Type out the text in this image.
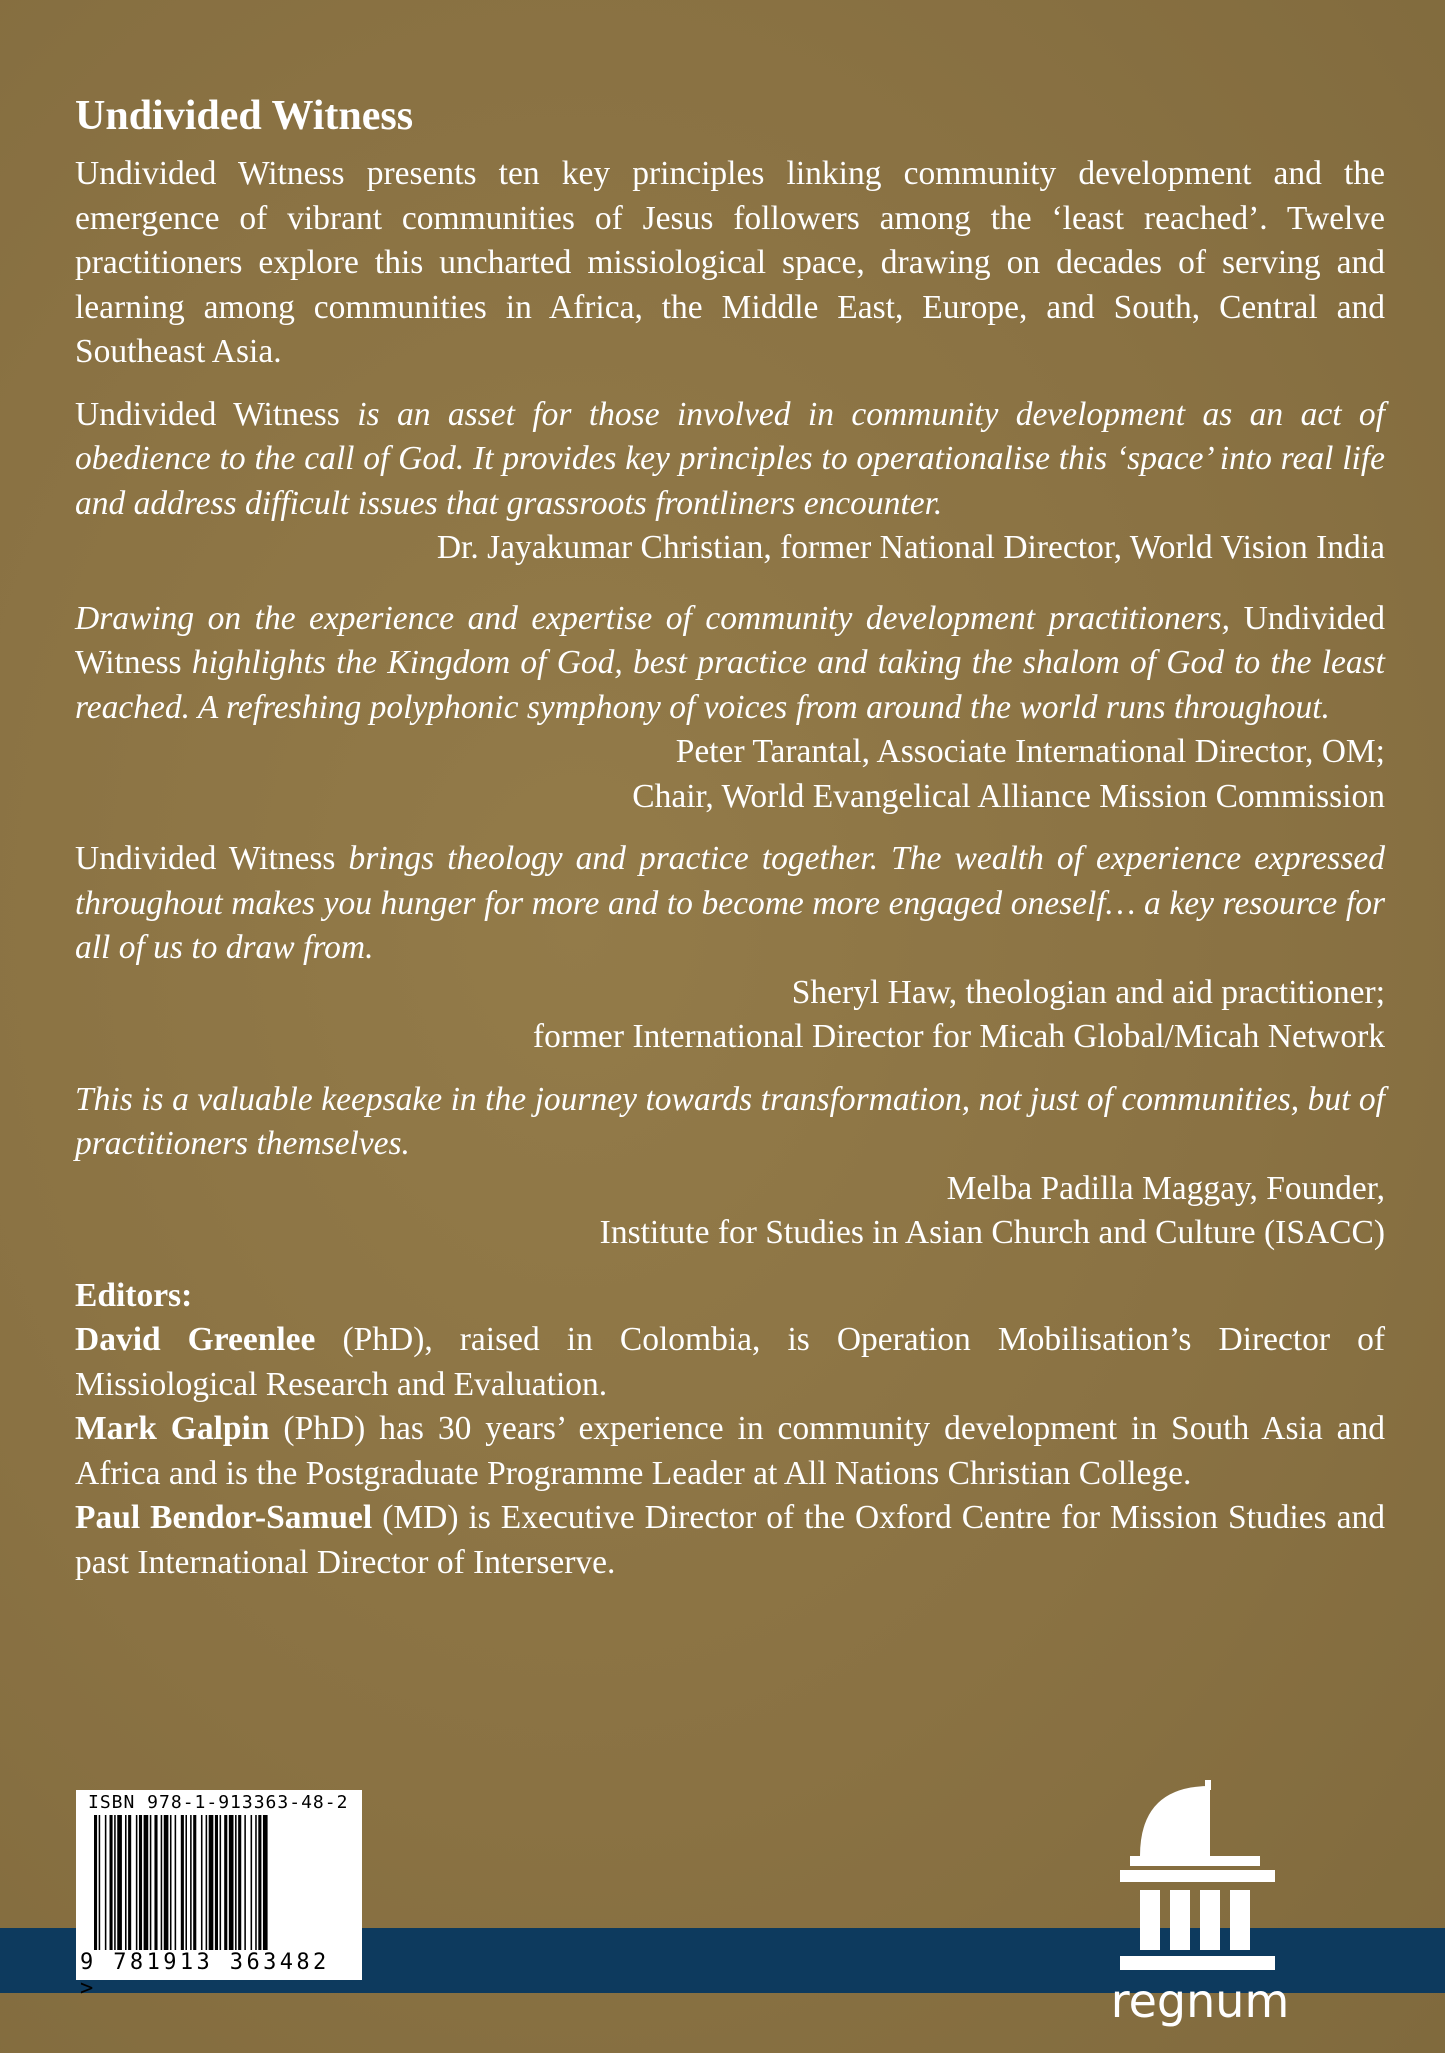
Undivided Witness

Undivided Witness presents ten key principles linking community development and the emergence of vibrant communities of Jesus followers among the ‘least reached’. Twelve practitioners explore this uncharted missiological space, drawing on decades of serving and learning among communities in Africa, the Middle East, Europe, and South, Central and Southeast Asia.

Undivided Witness is an asset for those involved in community development as an act of obedience to the call of God. It provides key principles to operationalise this ‘space’ into real life and address difficult issues that grassroots frontliners encounter.

Dr. Jayakumar Christian, former National Director, World Vision India

Drawing on the experience and expertise of community development practitioners, Undivided Witness highlights the Kingdom of God, best practice and taking the shalom of God to the least reached. A refreshing polyphonic symphony of voices from around the world runs throughout.

Peter Tarantal, Associate International Director, OM;

Chair, World Evangelical Alliance Mission Commission

Undivided Witness brings theology and practice together. The wealth of experience expressed throughout makes you hunger for more and to become more engaged oneself… a key resource for all of us to draw from.

Sheryl Haw, theologian and aid practitioner;

former International Director for Micah Global/Micah Network

This is a valuable keepsake in the journey towards transformation, not just of communities, but of practitioners themselves.

Melba Padilla Maggay, Founder,

Institute for Studies in Asian Church and Culture (ISACC)

Editors:

David Greenlee (PhD), raised in Colombia, is Operation Mobilisation’s Director of Missiological Research and Evaluation.

Mark Galpin (PhD) has 30 years’ experience in community development in South Asia and Africa and is the Postgraduate Programme Leader at All Nations Christian College.

Paul Bendor-Samuel (MD) is Executive Director of the Oxford Centre for Mission Studies and past International Director of Interserve.

ISBN 978-1-913363-48-2
9 781913 363482 >	regnum
